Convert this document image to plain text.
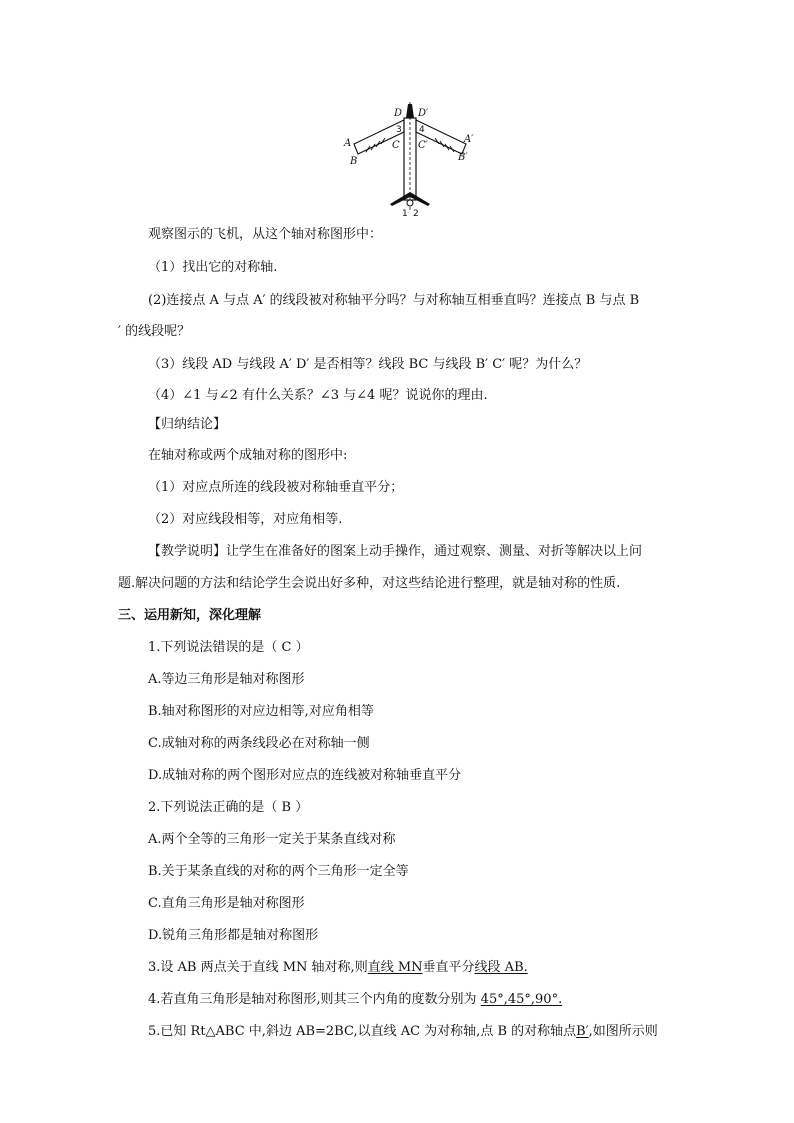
D D′
A	A′
B	B′
C C′
3 4
1 2
观察图示的飞机，从这个轴对称图形中：
（1）找出它的对称轴.
(2)连接点 A 与点 A′ 的线段被对称轴平分吗？与对称轴互相垂直吗？连接点 B 与点 B
′ 的线段呢？
（3）线段 AD 与线段 A′ D′ 是否相等？线段 BC 与线段 B′ C′ 呢？为什么？
（4）∠1 与∠2 有什么关系？∠3 与∠4 呢？说说你的理由.
【归纳结论】
在轴对称或两个成轴对称的图形中:
（1）对应点所连的线段被对称轴垂直平分；
（2）对应线段相等，对应角相等.
【教学说明】让学生在准备好的图案上动手操作，通过观察、测量、对折等解决以上问
题.解决问题的方法和结论学生会说出好多种，对这些结论进行整理，就是轴对称的性质.
三、运用新知，深化理解
1.下列说法错误的是（ C ）
A.等边三角形是轴对称图形
B.轴对称图形的对应边相等,对应角相等
C.成轴对称的两条线段必在对称轴一侧
D.成轴对称的两个图形对应点的连线被对称轴垂直平分
2.下列说法正确的是（ B ）
A.两个全等的三角形一定关于某条直线对称
B.关于某条直线的对称的两个三角形一定全等
C.直角三角形是轴对称图形
D.锐角三角形都是轴对称图形
3.设 AB 两点关于直线 MN 轴对称,则直线 MN垂直平分线段 AB.
4.若直角三角形是轴对称图形,则其三个内角的度数分别为 45°,45°,90°.
5.已知 Rt△ABC 中,斜边 AB=2BC,以直线 AC 为对称轴,点 B 的对称轴点B′,如图所示则
